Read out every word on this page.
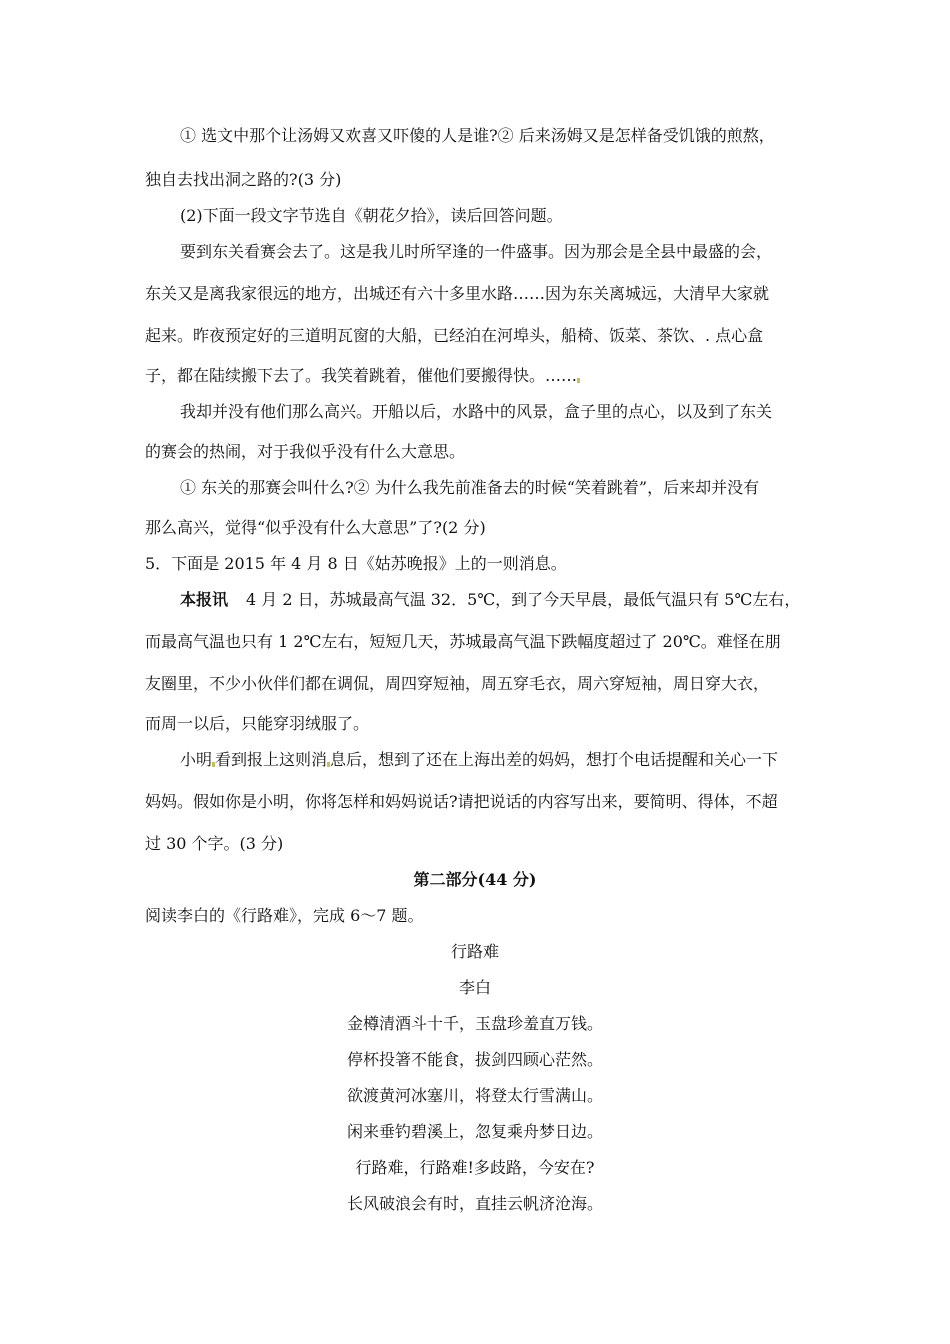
① 选文中那个让汤姆又欢喜又吓傻的人是谁?② 后来汤姆又是怎样备受饥饿的煎熬，
独自去找出洞之路的?(3 分)
(2)下面一段文字节选自《朝花夕拾》，读后回答问题。
要到东关看赛会去了。这是我儿时所罕逢的一件盛事。因为那会是全县中最盛的会，
东关又是离我家很远的地方，出城还有六十多里水路……因为东关离城远，大清早大家就
起来。昨夜预定好的三道明瓦窗的大船，已经泊在河埠头，船椅、饭菜、茶饮、. 点心盒
子，都在陆续搬下去了。我笑着跳着，催他们要搬得快。……
我却并没有他们那么高兴。开船以后，水路中的风景，盒子里的点心，以及到了东关
的赛会的热闹，对于我似乎没有什么大意思。
① 东关的那赛会叫什么?② 为什么我先前准备去的时候“笑着跳着”，后来却并没有
那么高兴，觉得“似乎没有什么大意思”了?(2 分)
5．下面是 2015 年 4 月 8 日《姑苏晚报》上的一则消息。
本报讯 4 月 2 日，苏城最高气温 32．5℃，到了今天早晨，最低气温只有 5℃左右，
而最高气温也只有 1 2℃左右，短短几天，苏城最高气温下跌幅度超过了 20℃。难怪在朋
友圈里，不少小伙伴们都在调侃，周四穿短袖，周五穿毛衣，周六穿短袖，周日穿大衣，
而周一以后，只能穿羽绒服了。
小明 看到报上这则消 息后，想到了还在上海出差的妈妈，想打个电话提醒和关心一下
妈妈。假如你是小明，你将怎样和妈妈说话?请把说话的内容写出来，要简明、得体，不超
过 30 个字。(3 分)
第二部分(44 分)
阅读李白的《行路难》，完成 6～7 题。
行路难
李白
金樽清酒斗十千，玉盘珍羞直万钱。
停杯投箸不能食，拔剑四顾心茫然。
欲渡黄河冰塞川，将登太行雪满山。
闲来垂钓碧溪上，忽复乘舟梦日边。
行路难，行路难!多歧路，今安在?
长风破浪会有时，直挂云帆济沧海。
